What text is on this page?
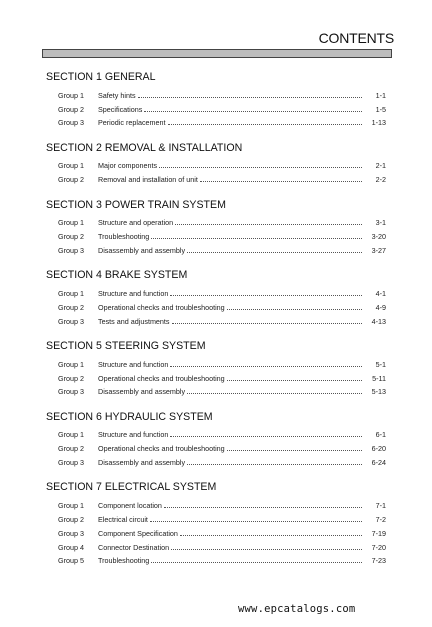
CONTENTS
SECTION 1 GENERAL
Group 1	Safety hints	1-1
Group 2	Specifications	1-5
Group 3	Periodic replacement	1-13
SECTION 2 REMOVAL & INSTALLATION
Group 1	Major components	2-1
Group 2	Removal and installation of unit	2-2
SECTION 3 POWER TRAIN SYSTEM
Group 1	Structure and operation	3-1
Group 2	Troubleshooting	3-20
Group 3	Disassembly and assembly	3-27
SECTION 4 BRAKE SYSTEM
Group 1	Structure and function	4-1
Group 2	Operational checks and troubleshooting	4-9
Group 3	Tests and adjustments	4-13
SECTION 5 STEERING SYSTEM
Group 1	Structure and function	5-1
Group 2	Operational checks and troubleshooting	5-11
Group 3	Disassembly and assembly	5-13
SECTION 6 HYDRAULIC SYSTEM
Group 1	Structure and function	6-1
Group 2	Operational checks and troubleshooting	6-20
Group 3	Disassembly and assembly	6-24
SECTION 7 ELECTRICAL SYSTEM
Group 1	Component location	7-1
Group 2	Electrical circuit	7-2
Group 3	Component Specification	7-19
Group 4	Connector Destination	7-20
Group 5	Troubleshooting	7-23
www.epcatalogs.com
